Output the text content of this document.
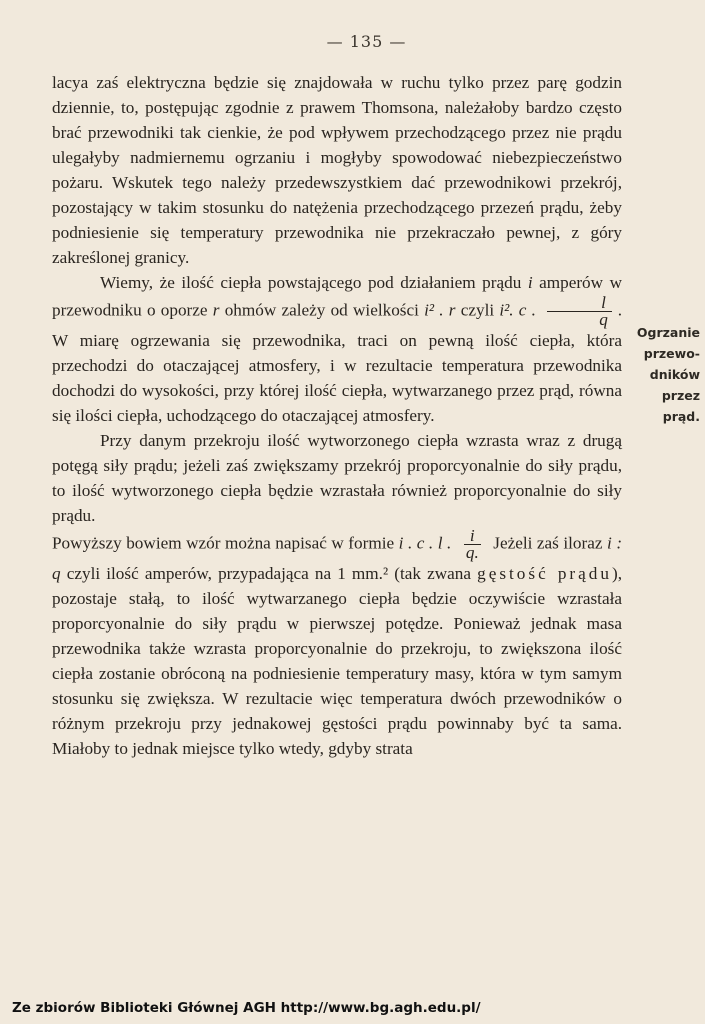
— 135 —

lacya zaś elektryczna będzie się znajdowała w ruchu tylko przez parę godzin dziennie, to, postępując zgodnie z prawem Thomsona, należałoby bardzo często brać przewodniki tak cienkie, że pod wpływem przechodzącego przez nie prądu ulegałyby nadmiernemu ogrzaniu i mogłyby spowodować niebezpieczeństwo pożaru. Wskutek tego należy przedewszystkiem dać przewodnikowi przekrój, pozostający w takim stosunku do natężenia przechodzącego przezeń prądu, żeby podniesienie się temperatury przewodnika nie przekraczało pewnej, z góry zakreślonej granicy.

Wiemy, że ilość ciepła powstającego pod działaniem prądu i amperów w przewodniku o oporze r ohmów zależy od wielkości i² . r czyli i². c . $\frac{l}{q}$ . W miarę ogrzewania się przewodnika, traci on pewną ilość ciepła, która przechodzi do otaczającej atmosfery, i w rezultacie temperatura przewodnika dochodzi do wysokości, przy której ilość ciepła, wytwarzanego przez prąd, równa się ilości ciepła, uchodzącego do otaczającej atmosfery.

Przy danym przekroju ilość wytworzonego ciepła wzrasta wraz z drugą potęgą siły prądu; jeżeli zaś zwiększamy przekrój proporcyonalnie do siły prądu, to ilość wytworzonego ciepła będzie wzrastała również proporcyonalnie do siły prądu.

Powyższy bowiem wzór można napisać w formie i . c . l . $\frac{i}{q.}$ Jeżeli zaś iloraz i : q czyli ilość amperów, przypadająca na 1 mm.² (tak zwana gęstość prądu), pozostaje stałą, to ilość wytwarzanego ciepła będzie oczywiście wzrastała proporcyonalnie do siły prądu w pierwszej potędze. Ponieważ jednak masa przewodnika także wzrasta proporcyonalnie do przekroju, to zwiększona ilość ciepła zostanie obróconą na podniesienie temperatury masy, która w tym samym stosunku się zwiększa. W rezultacie więc temperatura dwóch przewodników o różnym przekroju przy jednakowej gęstości prądu powinnaby być ta sama. Miałoby to jednak miejsce tylko wtedy, gdyby strata

Ogrzanie
przewo-
dników
przez
prąd.
Ze zbiorów Biblioteki Głównej AGH http://www.bg.agh.edu.pl/
